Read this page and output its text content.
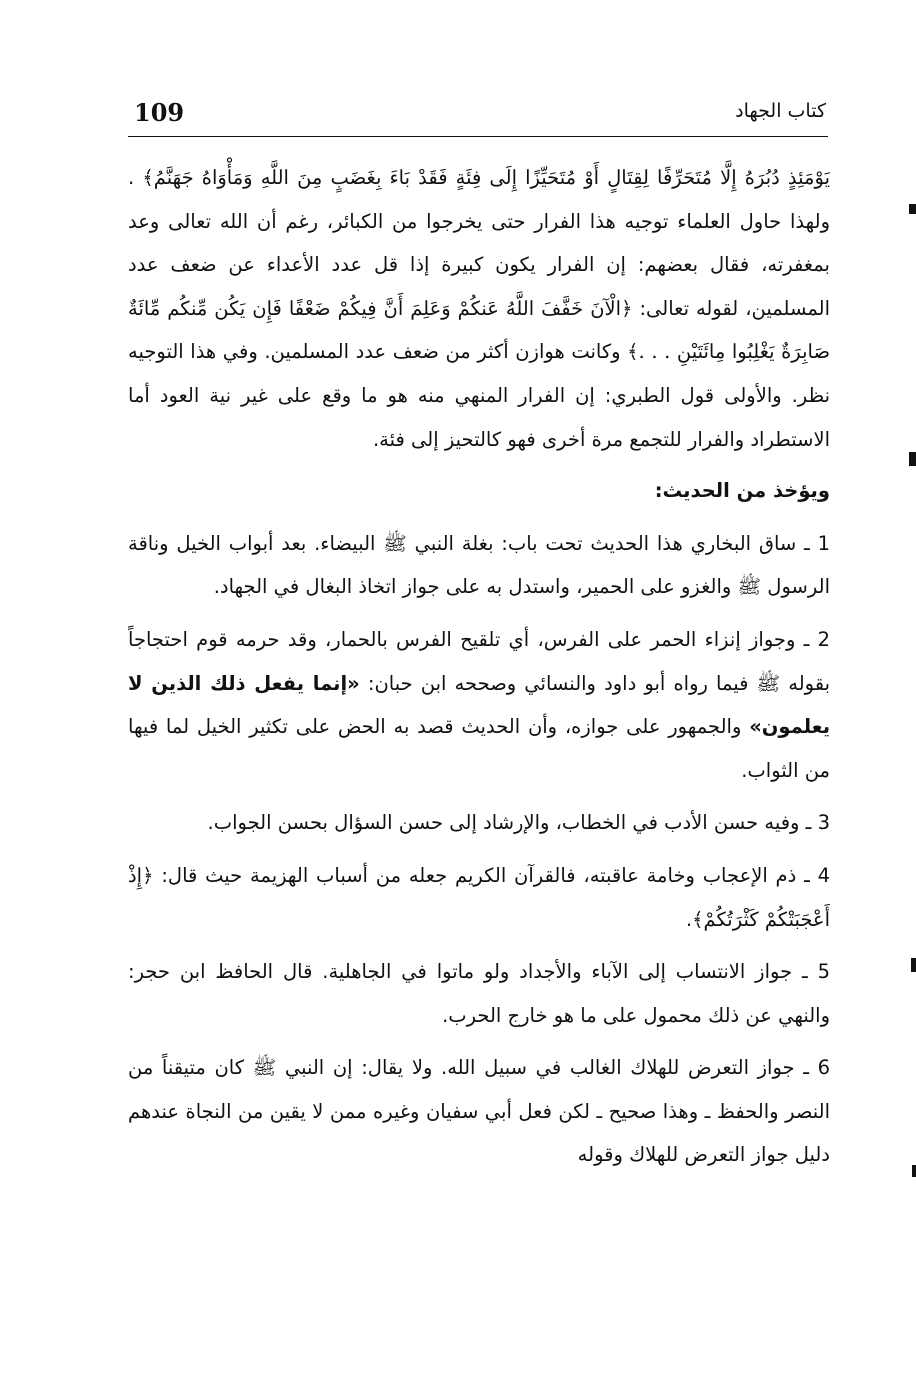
109	كتاب الجهاد

يَوْمَئِذٍ دُبُرَهُ إِلَّا مُتَحَرِّفًا لِقِتَالٍ أَوْ مُتَحَيِّزًا إِلَى فِئَةٍ فَقَدْ بَاءَ بِغَضَبٍ مِنَ اللَّهِ وَمَأْوَاهُ جَهَنَّمُ﴾ . ولهذا حاول العلماء توجيه هذا الفرار حتى يخرجوا من الكبائر، رغم أن الله تعالى وعد بمغفرته، فقال بعضهم: إن الفرار يكون كبيرة إذا قل عدد الأعداء عن ضعف عدد المسلمين، لقوله تعالى: ﴿الْآنَ خَفَّفَ اللَّهُ عَنكُمْ وَعَلِمَ أَنَّ فِيكُمْ ضَعْفًا فَإِن يَكُن مِّنكُم مِّائَةٌ صَابِرَةٌ يَغْلِبُوا مِائَتَيْنِ . . .﴾ وكانت هوازن أكثر من ضعف عدد المسلمين. وفي هذا التوجيه نظر. والأولى قول الطبري: إن الفرار المنهي منه هو ما وقع على غير نية العود أما الاستطراد والفرار للتجمع مرة أخرى فهو كالتحيز إلى فئة.

ويؤخذ من الحديث:

1 ـ ساق البخاري هذا الحديث تحت باب: بغلة النبي ﷺ البيضاء. بعد أبواب الخيل وناقة الرسول ﷺ والغزو على الحمير، واستدل به على جواز اتخاذ البغال في الجهاد.

2 ـ وجواز إنزاء الحمر على الفرس، أي تلقيح الفرس بالحمار، وقد حرمه قوم احتجاجاً بقوله ﷺ فيما رواه أبو داود والنسائي وصححه ابن حبان: «إنما يفعل ذلك الذين لا يعلمون» والجمهور على جوازه، وأن الحديث قصد به الحض على تكثير الخيل لما فيها من الثواب.

3 ـ وفيه حسن الأدب في الخطاب، والإرشاد إلى حسن السؤال بحسن الجواب.

4 ـ ذم الإعجاب وخامة عاقبته، فالقرآن الكريم جعله من أسباب الهزيمة حيث قال: ﴿إِذْ أَعْجَبَتْكُمْ كَثْرَتُكُمْ﴾.

5 ـ جواز الانتساب إلى الآباء والأجداد ولو ماتوا في الجاهلية. قال الحافظ ابن حجر: والنهي عن ذلك محمول على ما هو خارج الحرب.

6 ـ جواز التعرض للهلاك الغالب في سبيل الله. ولا يقال: إن النبي ﷺ كان متيقناً من النصر والحفظ ـ وهذا صحيح ـ لكن فعل أبي سفيان وغيره ممن لا يقين من النجاة عندهم دليل جواز التعرض للهلاك وقوله
